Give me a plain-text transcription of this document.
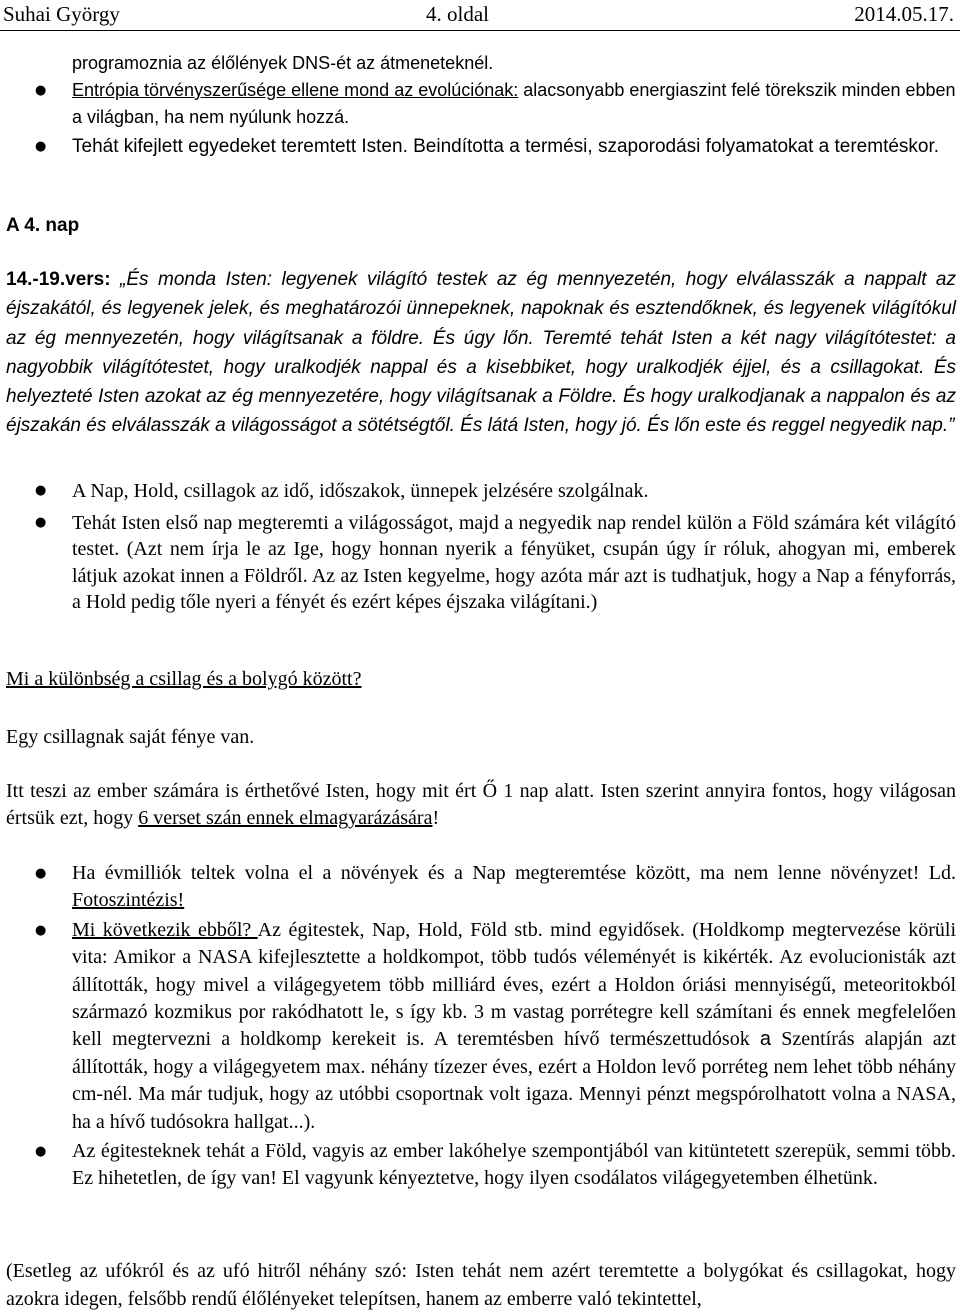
Suhai György	4. oldal	2014.05.17.

programoznia az élőlények DNS-ét az átmeneteknél.

● Entrópia törvényszerűsége ellene mond az evolúciónak: alacsonyabb energiaszint felé törekszik minden ebben a világban, ha nem nyúlunk hozzá.
● Tehát kifejlett egyedeket teremtett Isten. Beindította a termési, szaporodási folyamatokat a teremtéskor.
A 4. nap
14.-19.vers: „És monda Isten: legyenek világító testek az ég mennyezetén, hogy elválasszák a nappalt az éjszakától, és legyenek jelek, és meghatározói ünnepeknek, napoknak és esztendőknek, és legyenek világítókul az ég mennyezetén, hogy világítsanak a földre. És úgy lőn. Teremté tehát Isten a két nagy világítótestet: a nagyobbik világítótestet, hogy uralkodjék nappal és a kisebbiket, hogy uralkodjék éjjel, és a csillagokat. És helyezteté Isten azokat az ég mennyezetére, hogy világítsanak a Földre. És hogy uralkodjanak a nappalon és az éjszakán és elválasszák a világosságot a sötétségtől. És látá Isten, hogy jó. És lőn este és reggel negyedik nap.”
● A Nap, Hold, csillagok az idő, időszakok, ünnepek jelzésére szolgálnak.
● Tehát Isten első nap megteremti a világosságot, majd a negyedik nap rendel külön a Föld számára két világító testet. (Azt nem írja le az Ige, hogy honnan nyerik a fényüket, csupán úgy ír róluk, ahogyan mi, emberek látjuk azokat innen a Földről. Az az Isten kegyelme, hogy azóta már azt is tudhatjuk, hogy a Nap a fényforrás, a Hold pedig tőle nyeri a fényét és ezért képes éjszaka világítani.)

Mi a különbség a csillag és a bolygó között?

Egy csillagnak saját fénye van.

Itt teszi az ember számára is érthetővé Isten, hogy mit ért Ő 1 nap alatt. Isten szerint annyira fontos, hogy világosan értsük ezt, hogy 6 verset szán ennek elmagyarázására!
● Ha évmilliók teltek volna el a növények és a Nap megteremtése között, ma nem lenne növényzet! Ld. Fotoszintézis!
● Mi következik ebből? Az égitestek, Nap, Hold, Föld stb. mind egyidősek. (Holdkomp megtervezése körüli vita: Amikor a NASA kifejlesztette a holdkompot, több tudós véleményét is kikérték. Az evolucionisták azt állították, hogy mivel a világegyetem több milliárd éves, ezért a Holdon óriási mennyiségű, meteoritokból származó kozmikus por rakódhatott le, s így kb. 3 m vastag porrétegre kell számítani és ennek megfelelően kell megtervezni a holdkomp kerekeit is. A teremtésben hívő természettudósok a Szentírás alapján azt állították, hogy a világegyetem max. néhány tízezer éves, ezért a Holdon levő porréteg nem lehet több néhány cm-nél. Ma már tudjuk, hogy az utóbbi csoportnak volt igaza. Mennyi pénzt megspórolhatott volna a NASA, ha a hívő tudósokra hallgat...).
● Az égitesteknek tehát a Föld, vagyis az ember lakóhelye szempontjából van kitüntetett szerepük, semmi több. Ez hihetetlen, de így van! El vagyunk kényeztetve, hogy ilyen csodálatos világegyetemben élhetünk.
(Esetleg az ufókról és az ufó hitről néhány szó: Isten tehát nem azért teremtette a bolygókat és csillagokat, hogy azokra idegen, felsőbb rendű élőlényeket telepítsen, hanem az emberre való tekintettel,
